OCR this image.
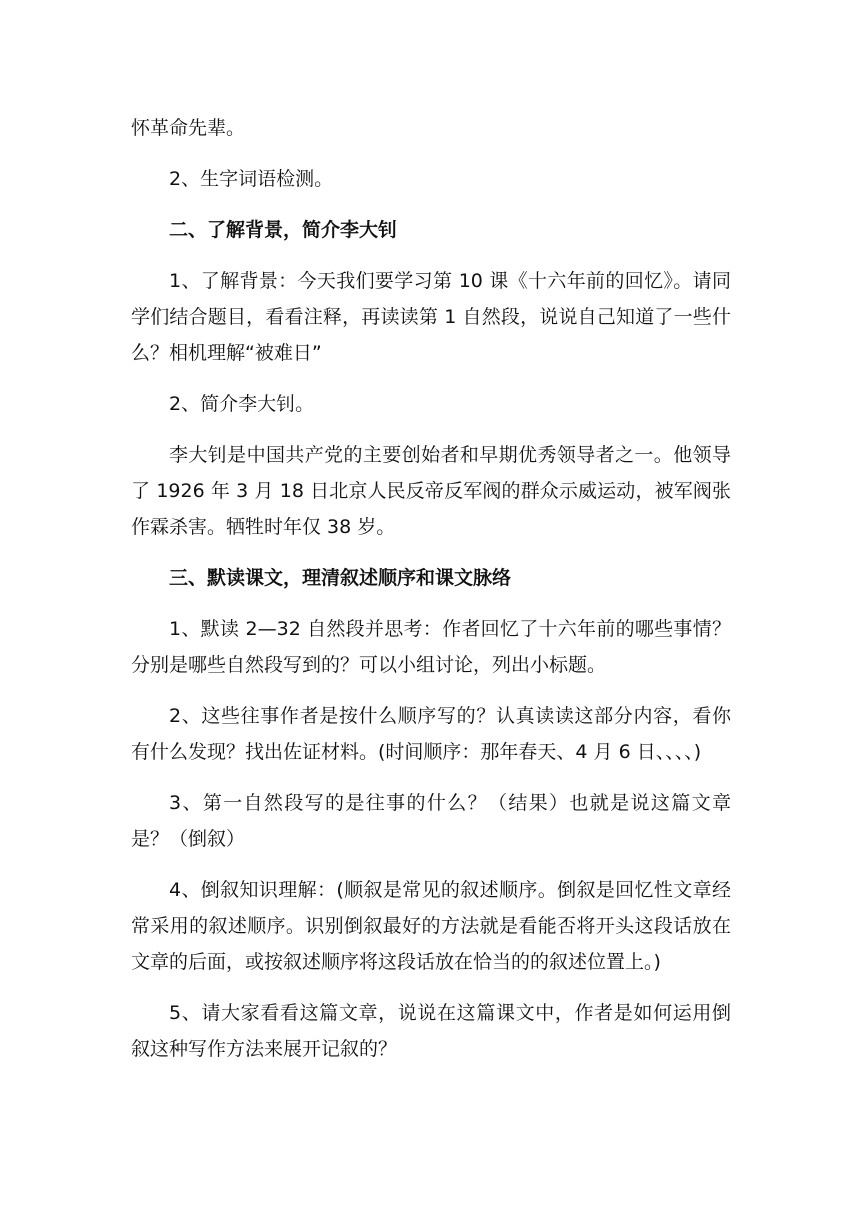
怀革命先辈。

2、生字词语检测。

二、了解背景，简介李大钊

1、了解背景：今天我们要学习第 10 课《十六年前的回忆》。请同学们结合题目，看看注释，再读读第 1 自然段，说说自己知道了一些什么？相机理解“被难日”

2、简介李大钊。

李大钊是中国共产党的主要创始者和早期优秀领导者之一。他领导了 1926 年 3 月 18 日北京人民反帝反军阀的群众示威运动，被军阀张作霖杀害。牺牲时年仅 38 岁。

三、默读课文，理清叙述顺序和课文脉络

1、默读 2—32 自然段并思考：作者回忆了十六年前的哪些事情？分别是哪些自然段写到的？可以小组讨论，列出小标题。

2、这些往事作者是按什么顺序写的？认真读读这部分内容，看你有什么发现？找出佐证材料。(时间顺序：那年春天、4 月 6 日、、、、)

3、第一自然段写的是往事的什么？（结果）也就是说这篇文章是？（倒叙）

4、倒叙知识理解：(顺叙是常见的叙述顺序。倒叙是回忆性文章经常采用的叙述顺序。识别倒叙最好的方法就是看能否将开头这段话放在文章的后面，或按叙述顺序将这段话放在恰当的的叙述位置上。)

5、请大家看看这篇文章，说说在这篇课文中，作者是如何运用倒叙这种写作方法来展开记叙的？
